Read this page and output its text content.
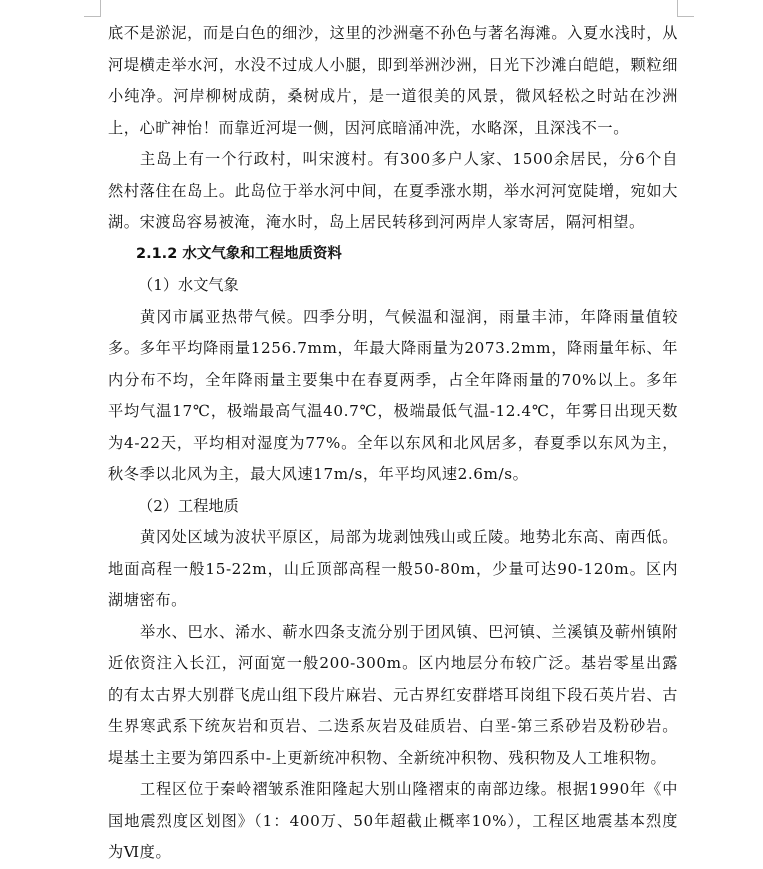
底不是淤泥，而是白色的细沙，这里的沙洲毫不孙色与著名海滩。入夏水浅时，从河堤横走举水河，水没不过成人小腿，即到举洲沙洲，日光下沙滩白皑皑，颗粒细小纯净。河岸柳树成荫，桑树成片，是一道很美的风景，微风轻松之时站在沙洲上，心旷神怡！而靠近河堤一侧，因河底暗涌冲洗，水略深，且深浅不一。

主岛上有一个行政村，叫宋渡村。有300多户人家、1500余居民，分6个自然村落住在岛上。此岛位于举水河中间，在夏季涨水期，举水河河宽陡增，宛如大湖。宋渡岛容易被淹，淹水时，岛上居民转移到河两岸人家寄居，隔河相望。

2.1.2 水文气象和工程地质资料

（1）水文气象

黄冈市属亚热带气候。四季分明，气候温和湿润，雨量丰沛，年降雨量值较多。多年平均降雨量1256.7mm，年最大降雨量为2073.2mm，降雨量年标、年内分布不均，全年降雨量主要集中在春夏两季，占全年降雨量的70%以上。多年平均气温17℃，极端最高气温40.7℃，极端最低气温-12.4℃，年雾日出现天数为4-22天，平均相对湿度为77%。全年以东风和北风居多，春夏季以东风为主，秋冬季以北风为主，最大风速17m/s，年平均风速2.6m/s。

（2）工程地质

黄冈处区域为波状平原区，局部为垅剥蚀残山或丘陵。地势北东高、南西低。地面高程一般15-22m，山丘顶部高程一般50-80m，少量可达90-120m。区内湖塘密布。

举水、巴水、浠水、蕲水四条支流分别于团风镇、巴河镇、兰溪镇及蕲州镇附近依资注入长江，河面宽一般200-300m。区内地层分布较广泛。基岩零星出露的有太古界大别群飞虎山组下段片麻岩、元古界红安群塔耳岗组下段石英片岩、古生界寒武系下统灰岩和页岩、二迭系灰岩及硅质岩、白垩-第三系砂岩及粉砂岩。堤基土主要为第四系中-上更新统冲积物、全新统冲积物、残积物及人工堆积物。

工程区位于秦岭褶皱系淮阳隆起大别山隆褶束的南部边缘。根据1990年《中国地震烈度区划图》（1：400万、50年超截止概率10%），工程区地震基本烈度为Ⅵ度。
